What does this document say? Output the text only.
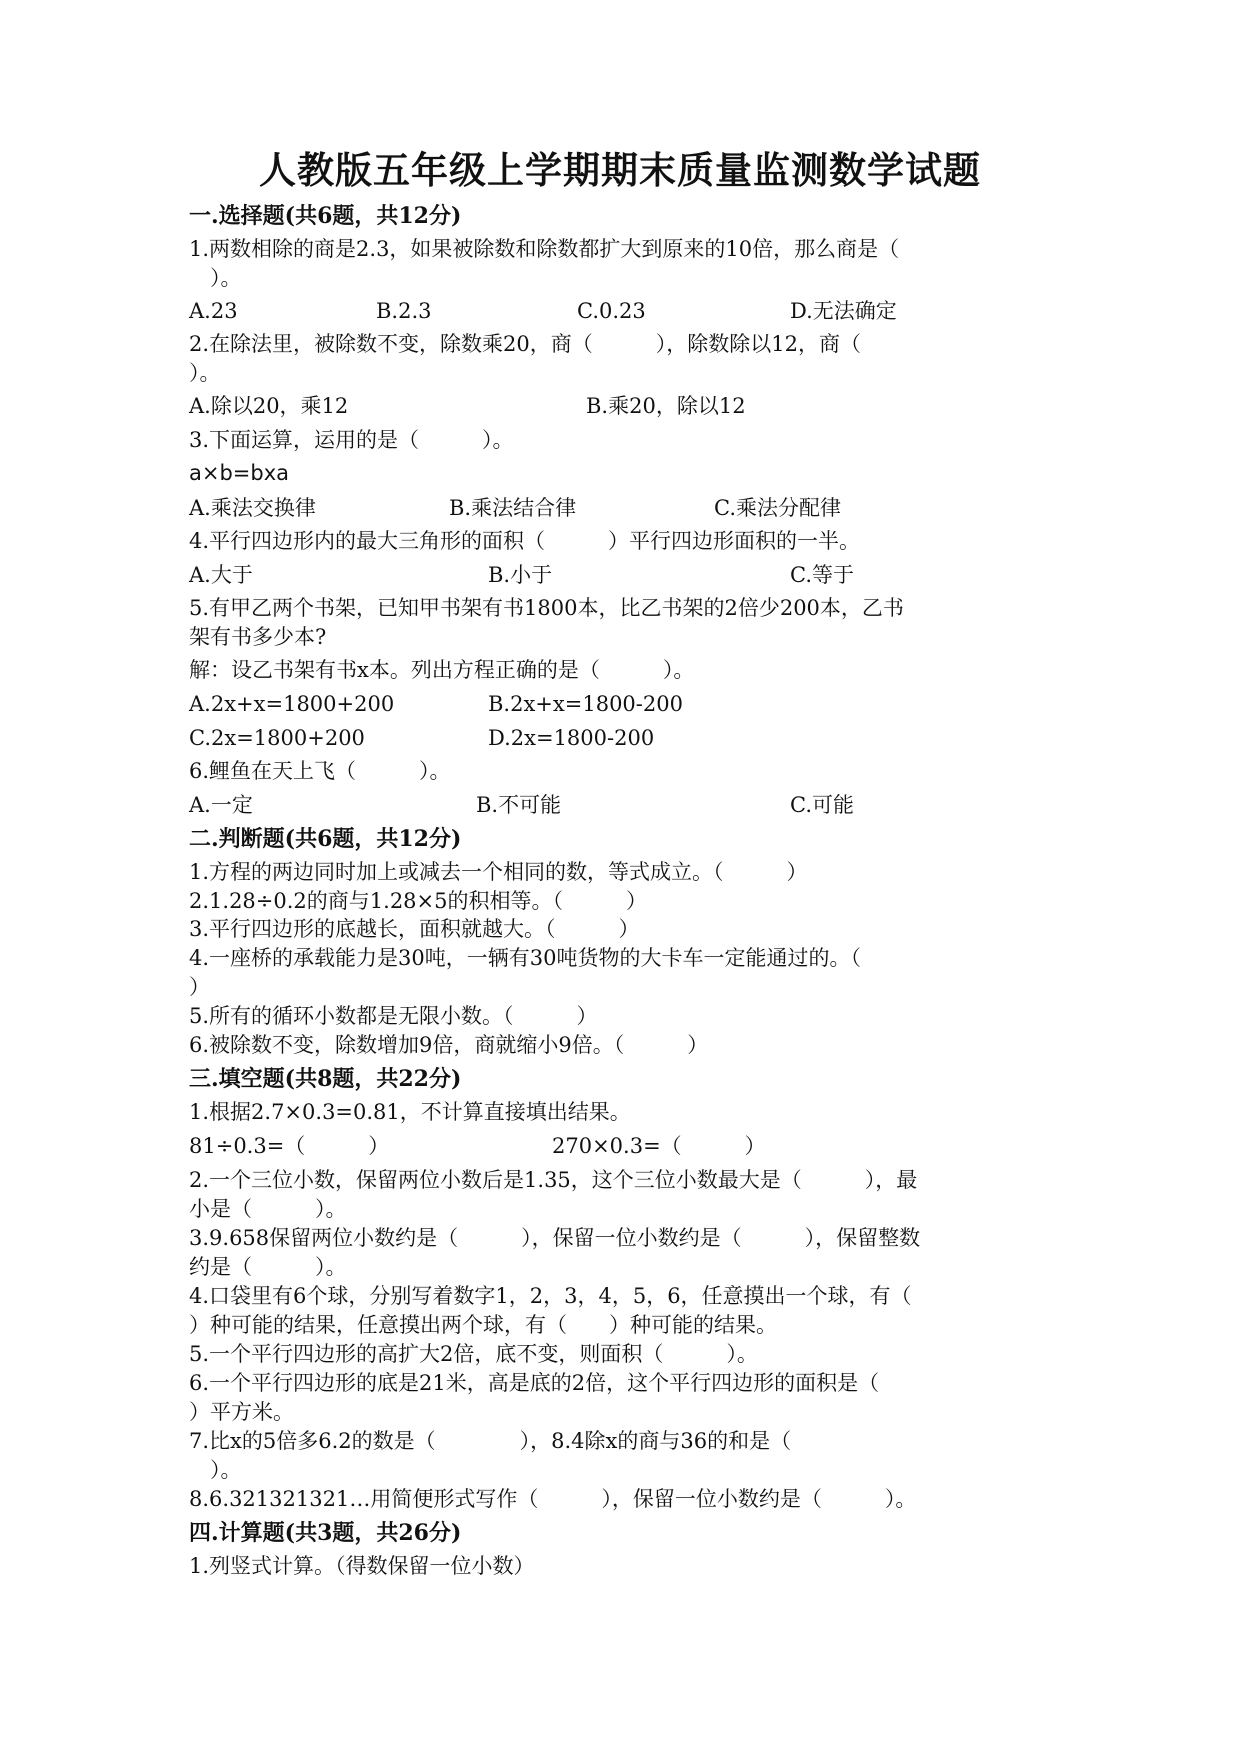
人教版五年级上学期期末质量监测数学试题
一.选择题(共6题，共12分)
1.两数相除的商是2.3，如果被除数和除数都扩大到原来的10倍，那么商是（
　）。
A.23	B.2.3	C.0.23	D.无法确定
2.在除法里，被除数不变，除数乘20，商（　　　），除数除以12，商（
）。
A.除以20，乘12	B.乘20，除以12
3.下面运算，运用的是（　　　）。
a×b=bxa
A.乘法交换律	B.乘法结合律	C.乘法分配律
4.平行四边形内的最大三角形的面积（　　　）平行四边形面积的一半。
A.大于	B.小于	C.等于
5.有甲乙两个书架，已知甲书架有书1800本，比乙书架的2倍少200本，乙书
架有书多少本?
解：设乙书架有书x本。列出方程正确的是（　　　）。
A.2x+x=1800+200	B.2x+x=1800-200
C.2x=1800+200	D.2x=1800-200
6.鲤鱼在天上飞（　　　）。
A.一定	B.不可能	C.可能
二.判断题(共6题，共12分)
1.方程的两边同时加上或减去一个相同的数，等式成立。（　　　）
2.1.28÷0.2的商与1.28×5的积相等。（　　　）
3.平行四边形的底越长，面积就越大。（　　　）
4.一座桥的承载能力是30吨，一辆有30吨货物的大卡车一定能通过的。（
）
5.所有的循环小数都是无限小数。（　　　）
6.被除数不变，除数增加9倍，商就缩小9倍。（　　　）
三.填空题(共8题，共22分)
1.根据2.7×0.3=0.81，不计算直接填出结果。
81÷0.3=（　　　）	270×0.3=（　　　）
2.一个三位小数，保留两位小数后是1.35，这个三位小数最大是（　　　），最
小是（　　　）。
3.9.658保留两位小数约是（　　　），保留一位小数约是（　　　），保留整数
约是（　　　）。
4.口袋里有6个球，分别写着数字1，2，3，4，5，6，任意摸出一个球，有（
）种可能的结果，任意摸出两个球，有（　　）种可能的结果。
5.一个平行四边形的高扩大2倍，底不变，则面积（　　　）。
6.一个平行四边形的底是21米，高是底的2倍，这个平行四边形的面积是（
）平方米。
7.比x的5倍多6.2的数是（　　　　），8.4除x的商与36的和是（
　）。
8.6.321321321…用简便形式写作（　　　），保留一位小数约是（　　　）。
四.计算题(共3题，共26分)
1.列竖式计算。（得数保留一位小数）
